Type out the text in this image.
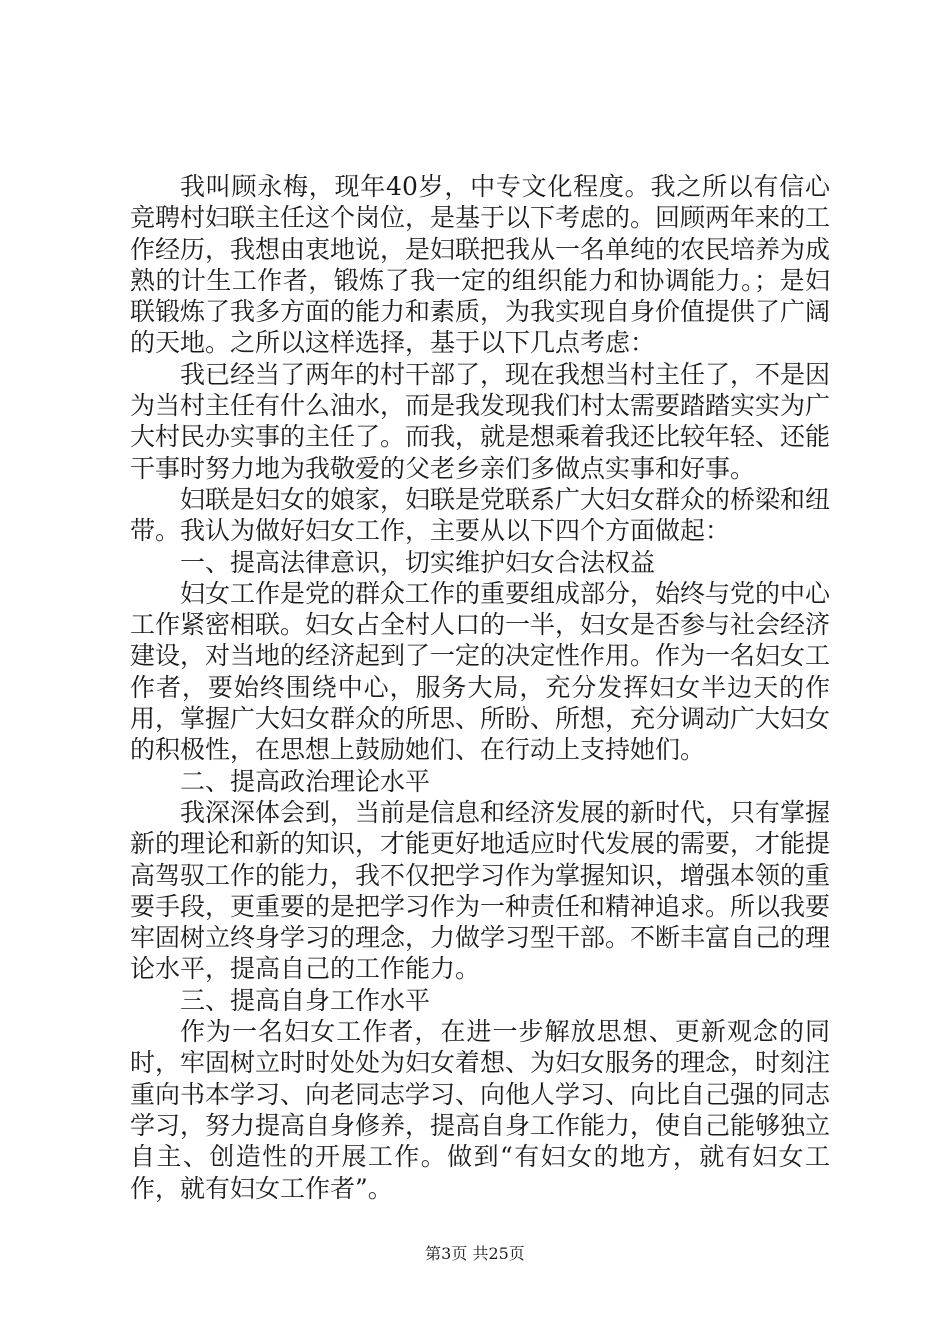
我叫顾永梅，现年40岁，中专文化程度。我之所以有信心竞聘村妇联主任这个岗位，是基于以下考虑的。回顾两年来的工作经历，我想由衷地说，是妇联把我从一名单纯的农民培养为成熟的计生工作者，锻炼了我一定的组织能力和协调能力。；是妇联锻炼了我多方面的能力和素质，为我实现自身价值提供了广阔的天地。之所以这样选择，基于以下几点考虑：

我已经当了两年的村干部了，现在我想当村主任了，不是因为当村主任有什么油水，而是我发现我们村太需要踏踏实实为广大村民办实事的主任了。而我，就是想乘着我还比较年轻、还能干事时努力地为我敬爱的父老乡亲们多做点实事和好事。

妇联是妇女的娘家，妇联是党联系广大妇女群众的桥梁和纽带。我认为做好妇女工作，主要从以下四个方面做起：

一、提高法律意识，切实维护妇女合法权益

妇女工作是党的群众工作的重要组成部分，始终与党的中心工作紧密相联。妇女占全村人口的一半，妇女是否参与社会经济建设，对当地的经济起到了一定的决定性作用。作为一名妇女工作者，要始终围绕中心，服务大局，充分发挥妇女半边天的作用，掌握广大妇女群众的所思、所盼、所想，充分调动广大妇女的积极性，在思想上鼓励她们、在行动上支持她们。

二、提高政治理论水平

我深深体会到，当前是信息和经济发展的新时代，只有掌握新的理论和新的知识，才能更好地适应时代发展的需要，才能提高驾驭工作的能力，我不仅把学习作为掌握知识，增强本领的重要手段，更重要的是把学习作为一种责任和精神追求。所以我要牢固树立终身学习的理念，力做学习型干部。不断丰富自己的理论水平，提高自己的工作能力。

三、提高自身工作水平

作为一名妇女工作者，在进一步解放思想、更新观念的同时，牢固树立时时处处为妇女着想、为妇女服务的理念，时刻注重向书本学习、向老同志学习、向他人学习、向比自己强的同志学习，努力提高自身修养，提高自身工作能力，使自己能够独立自主、创造性的开展工作。做到“有妇女的地方，就有妇女工作，就有妇女工作者”。

第3页 共25页
